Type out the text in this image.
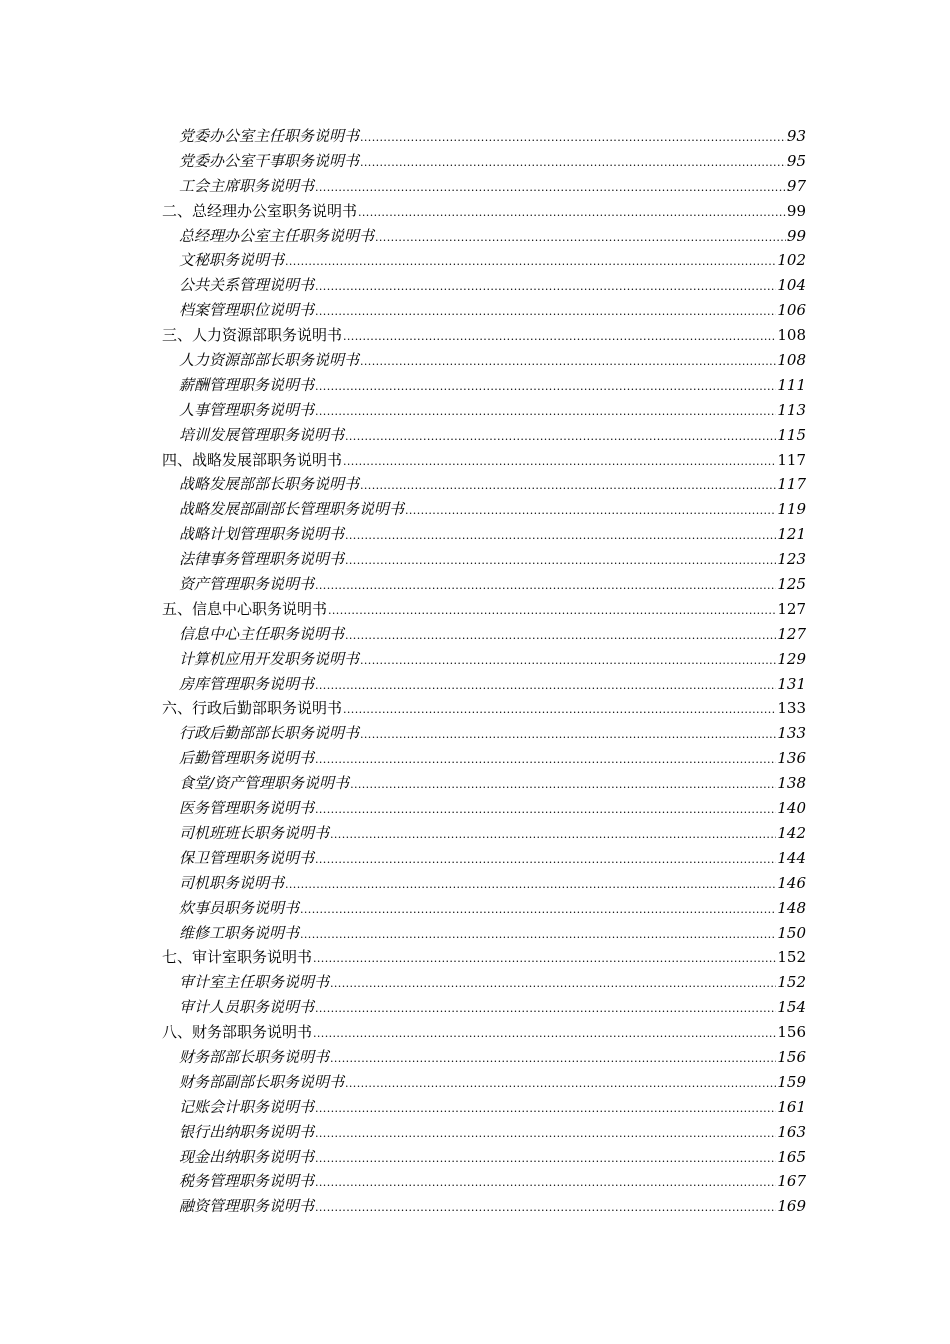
党委办公室主任职务说明书 .....	93
党委办公室干事职务说明书 .....	95
工会主席职务说明书 .....	97
二、总经理办公室职务说明书 .....	99
总经理办公室主任职务说明书 .....	99
文秘职务说明书 .....	102
公共关系管理说明书 .....	104
档案管理职位说明书 .....	106
三、人力资源部职务说明书 .....	108
人力资源部部长职务说明书 .....	108
薪酬管理职务说明书 .....	111
人事管理职务说明书 .....	113
培训发展管理职务说明书 .....	115
四、战略发展部职务说明书 .....	117
战略发展部部长职务说明书 .....	117
战略发展部副部长管理职务说明书 .....	119
战略计划管理职务说明书 .....	121
法律事务管理职务说明书 .....	123
资产管理职务说明书 .....	125
五、信息中心职务说明书 .....	127
信息中心主任职务说明书 .....	127
计算机应用开发职务说明书 .....	129
房库管理职务说明书 .....	131
六、行政后勤部职务说明书 .....	133
行政后勤部部长职务说明书 .....	133
后勤管理职务说明书 .....	136
食堂/资产管理职务说明书 .....	138
医务管理职务说明书 .....	140
司机班班长职务说明书 .....	142
保卫管理职务说明书 .....	144
司机职务说明书 .....	146
炊事员职务说明书 .....	148
维修工职务说明书 .....	150
七、审计室职务说明书 .....	152
审计室主任职务说明书 .....	152
审计人员职务说明书 .....	154
八、财务部职务说明书 .....	156
财务部部长职务说明书 .....	156
财务部副部长职务说明书 .....	159
记账会计职务说明书 .....	161
银行出纳职务说明书 .....	163
现金出纳职务说明书 .....	165
税务管理职务说明书 .....	167
融资管理职务说明书 .....	169
